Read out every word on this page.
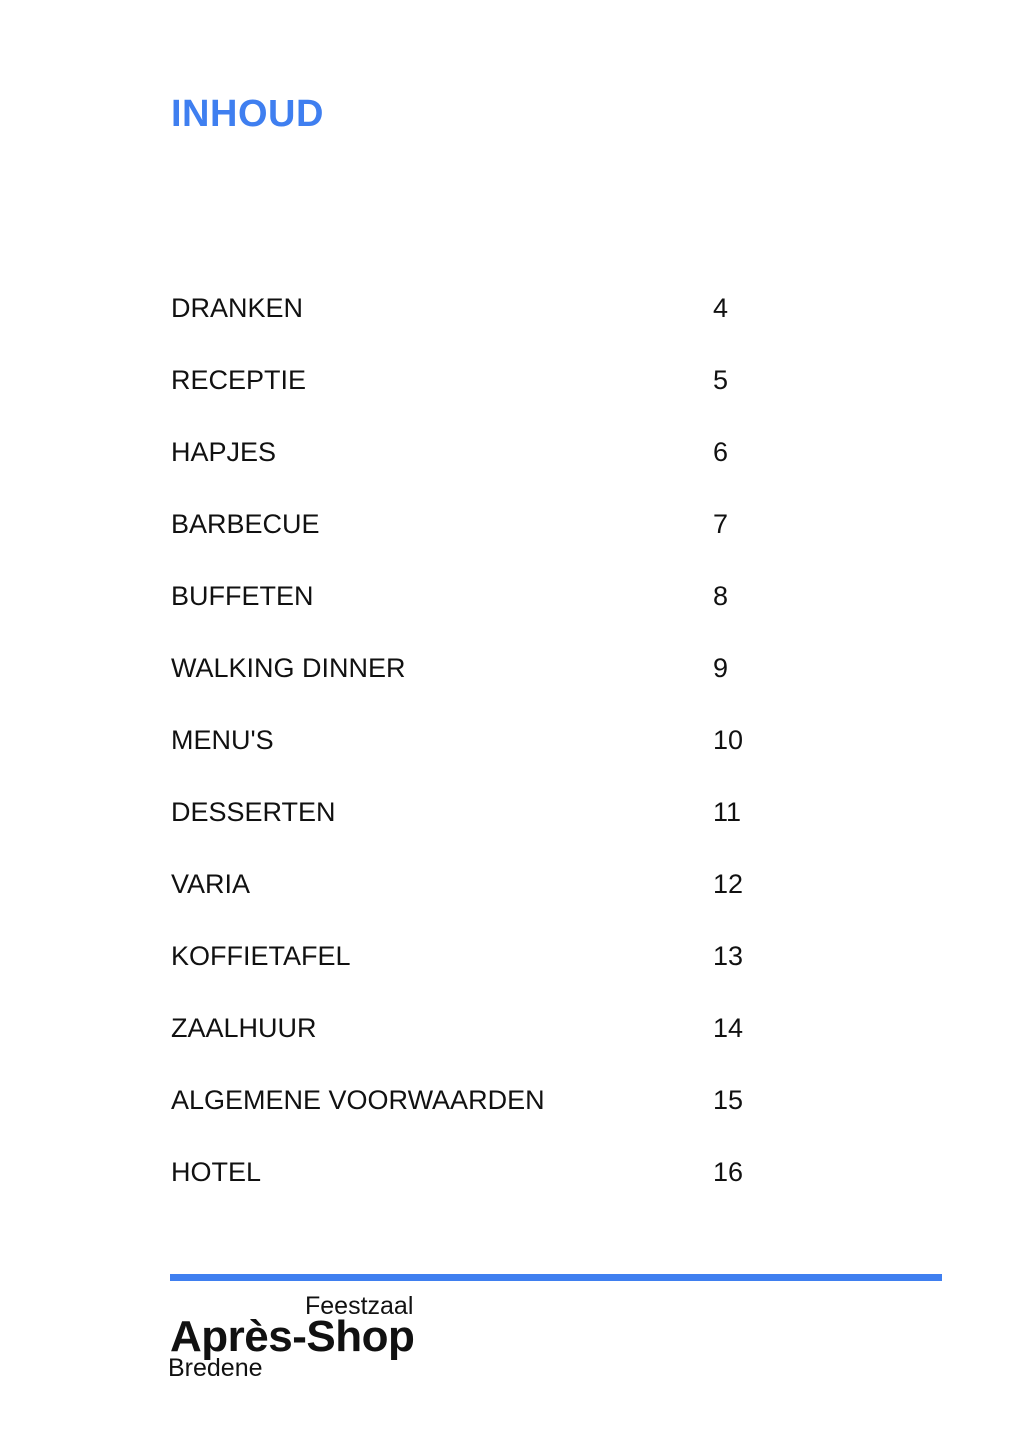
INHOUD
DRANKEN	4
RECEPTIE	5
HAPJES	6
BARBECUE	7
BUFFETEN	8
WALKING DINNER	9
MENU'S	10
DESSERTEN	11
VARIA	12
KOFFIETAFEL	13
ZAALHUUR	14
ALGEMENE VOORWAARDEN	15
HOTEL	16
Feestzaal
Après-Shop
Bredene
